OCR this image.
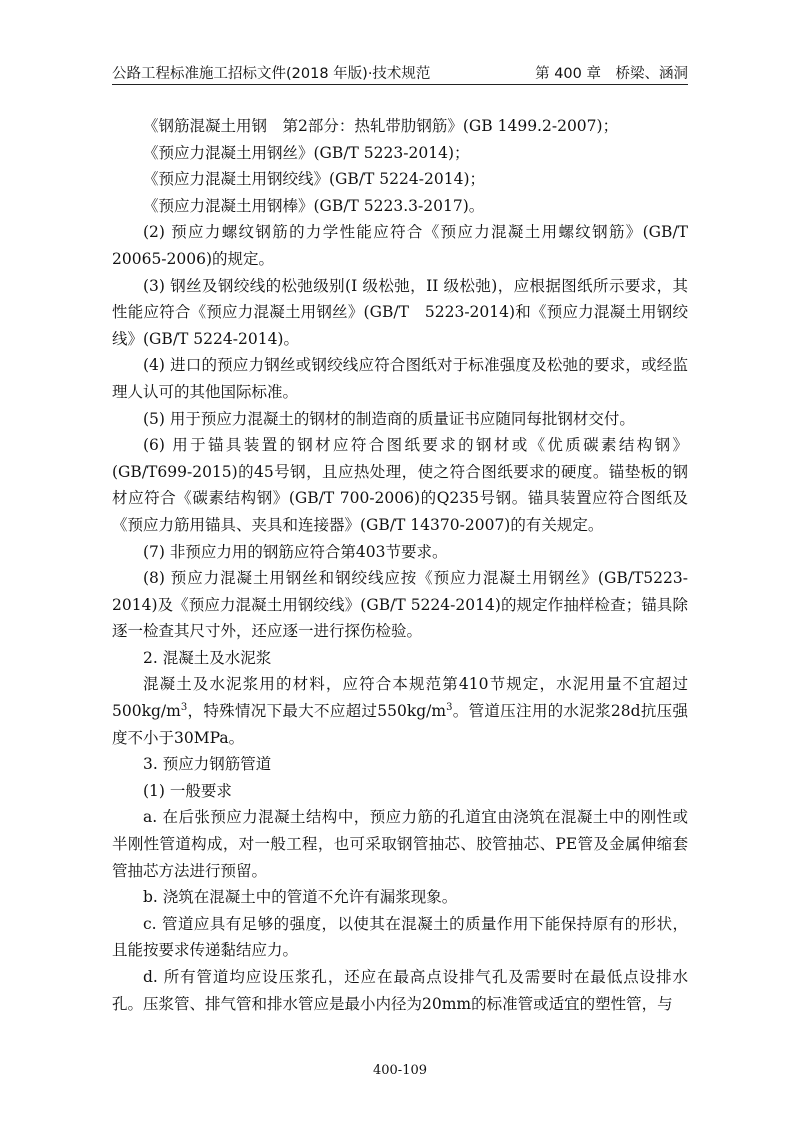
公路工程标准施工招标文件(2018 年版)·技术规范	第 400 章　桥梁、涵洞

《钢筋混凝土用钢　第2部分：热轧带肋钢筋》(GB 1499.2-2007)；

《预应力混凝土用钢丝》(GB/T 5223-2014)；

《预应力混凝土用钢绞线》(GB/T 5224-2014)；

《预应力混凝土用钢棒》(GB/T 5223.3-2017)。

(2) 预应力螺纹钢筋的力学性能应符合《预应力混凝土用螺纹钢筋》(GB/T 20065-2006)的规定。

(3) 钢丝及钢绞线的松弛级别(I 级松弛，II 级松弛)，应根据图纸所示要求，其性能应符合《预应力混凝土用钢丝》(GB/T　5223-2014)和《预应力混凝土用钢绞线》(GB/T 5224-2014)。

(4) 进口的预应力钢丝或钢绞线应符合图纸对于标准强度及松弛的要求，或经监理人认可的其他国际标准。

(5) 用于预应力混凝土的钢材的制造商的质量证书应随同每批钢材交付。

(6) 用于锚具装置的钢材应符合图纸要求的钢材或《优质碳素结构钢》(GB/T699-2015)的45号钢，且应热处理，使之符合图纸要求的硬度。锚垫板的钢材应符合《碳素结构钢》(GB/T 700-2006)的Q235号钢。锚具装置应符合图纸及《预应力筋用锚具、夹具和连接器》(GB/T 14370-2007)的有关规定。

(7) 非预应力用的钢筋应符合第403节要求。

(8) 预应力混凝土用钢丝和钢绞线应按《预应力混凝土用钢丝》(GB/T5223-2014)及《预应力混凝土用钢绞线》(GB/T 5224-2014)的规定作抽样检查；锚具除逐一检查其尺寸外，还应逐一进行探伤检验。

2. 混凝土及水泥浆

混凝土及水泥浆用的材料，应符合本规范第410节规定，水泥用量不宜超过$500kg/m^3$，特殊情况下最大不应超过$550kg/m^3$。管道压注用的水泥浆28d抗压强度不小于30MPa。

3. 预应力钢筋管道

(1) 一般要求

a. 在后张预应力混凝土结构中，预应力筋的孔道宜由浇筑在混凝土中的刚性或半刚性管道构成，对一般工程，也可采取钢管抽芯、胶管抽芯、PE管及金属伸缩套管抽芯方法进行预留。

b. 浇筑在混凝土中的管道不允许有漏浆现象。

c. 管道应具有足够的强度，以使其在混凝土的质量作用下能保持原有的形状，且能按要求传递黏结应力。

d. 所有管道均应设压浆孔，还应在最高点设排气孔及需要时在最低点设排水孔。压浆管、排气管和排水管应是最小内径为20mm的标准管或适宜的塑性管，与

400-109
